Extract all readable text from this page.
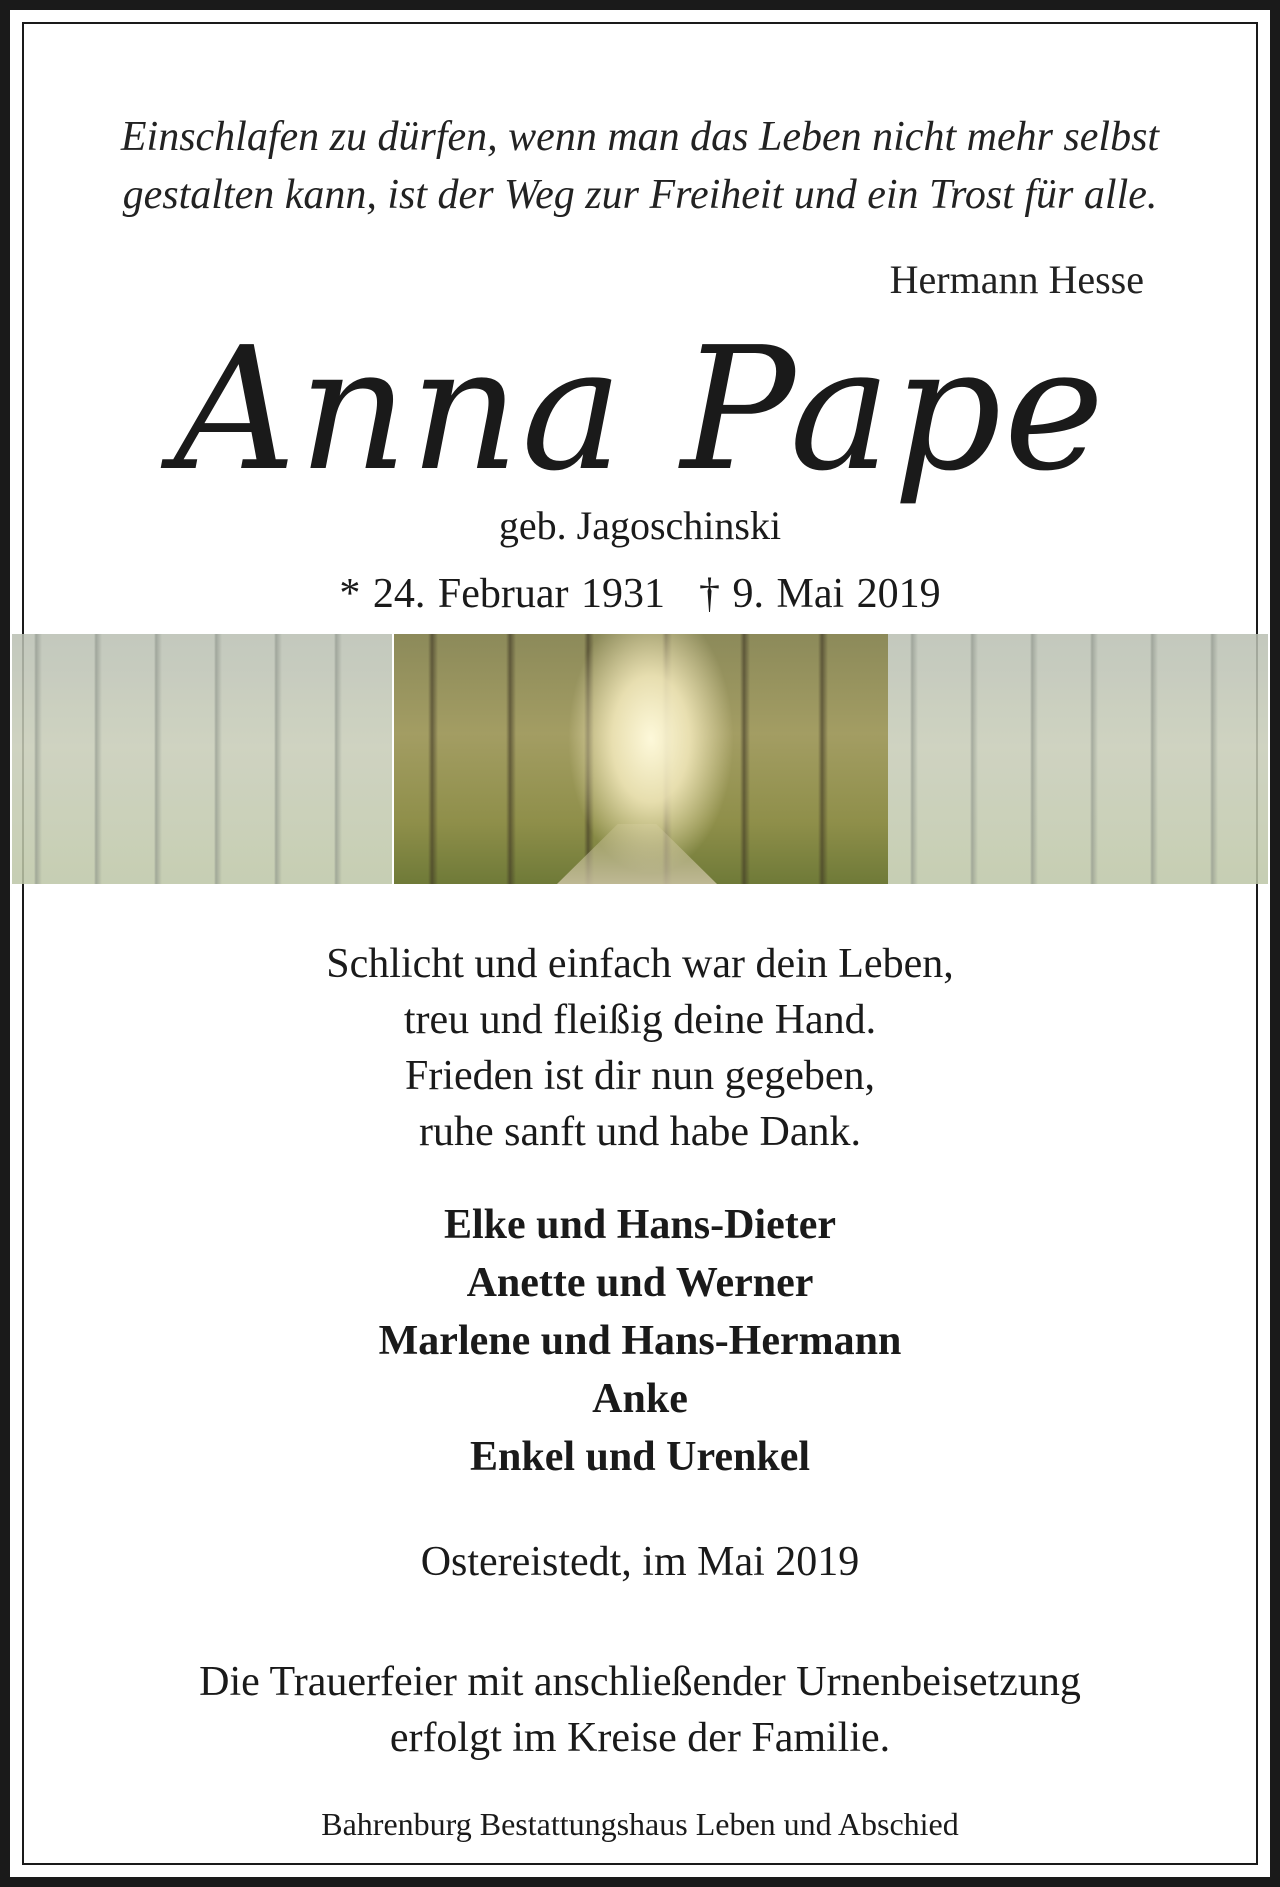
Einschlafen zu dürfen, wenn man das Leben nicht mehr selbst
gestalten kann, ist der Weg zur Freiheit und ein Trost für alle.
Hermann Hesse
Anna Pape
geb. Jagoschinski
* 24. Februar 1931 † 9. Mai 2019
Schlicht und einfach war dein Leben,
treu und fleißig deine Hand.
Frieden ist dir nun gegeben,
ruhe sanft und habe Dank.
Elke und Hans-Dieter
Anette und Werner
Marlene und Hans-Hermann
Anke
Enkel und Urenkel
Ostereistedt, im Mai 2019
Die Trauerfeier mit anschließender Urnenbeisetzung
erfolgt im Kreise der Familie.
Bahrenburg Bestattungshaus Leben und Abschied
